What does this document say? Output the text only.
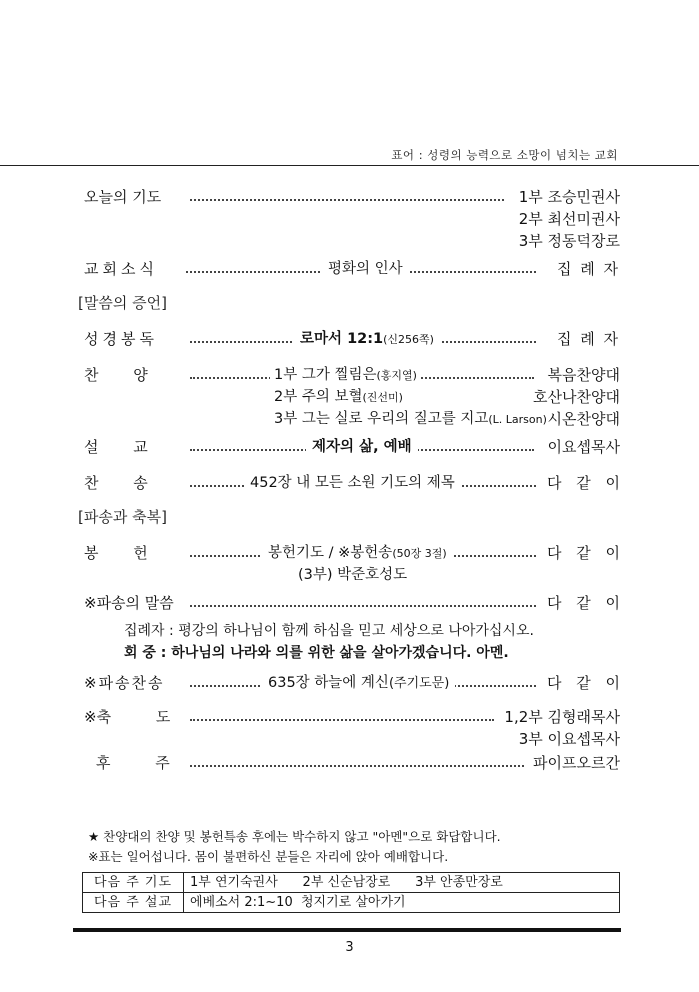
표어 : 성령의 능력으로 소망이 넘치는 교회
오늘의 기도	1부 조승민권사
2부 최선미권사
3부 정동덕장로
교회소식	평화의 인사	집 례 자
[말씀의 증언]
성경봉독	로마서 12:1(신256쪽)	집 례 자
찬 양	1부 그가 찔림은(홍지열)	복음찬양대
2부 주의 보혈(진선미)	호산나찬양대
3부 그는 실로 우리의 질고를 지고(L. Larson) 시온찬양대
설 교	제자의 삶, 예배	이요셉목사
찬 송	452장 내 모든 소원 기도의 제목	다 같 이
[파송과 축복]
봉 헌	봉헌기도 / ※봉헌송(50장 3절)	다 같 이
(3부) 박준호성도
※파송의 말씀	다 같 이
집례자 : 평강의 하나님이 함께 하심을 믿고 세상으로 나아가십시오.
회 중 : 하나님의 나라와 의를 위한 삶을 살아가겠습니다. 아멘.
※파송찬송	635장 하늘에 계신(주기도문)	다 같 이
※축 도	1,2부 김형래목사
3부 이요셉목사
후 주	파이프오르간
★ 찬양대의 찬양 및 봉헌특송 후에는 박수하지 않고 "아멘"으로 화답합니다.
※표는 일어섭니다. 몸이 불편하신 분들은 자리에 앉아 예배합니다.
다음 주 기도	1부 연기숙권사      2부 신순남장로      3부 안종만장로
다음 주 설교	에베소서 2:1~10  청지기로 살아가기
3
